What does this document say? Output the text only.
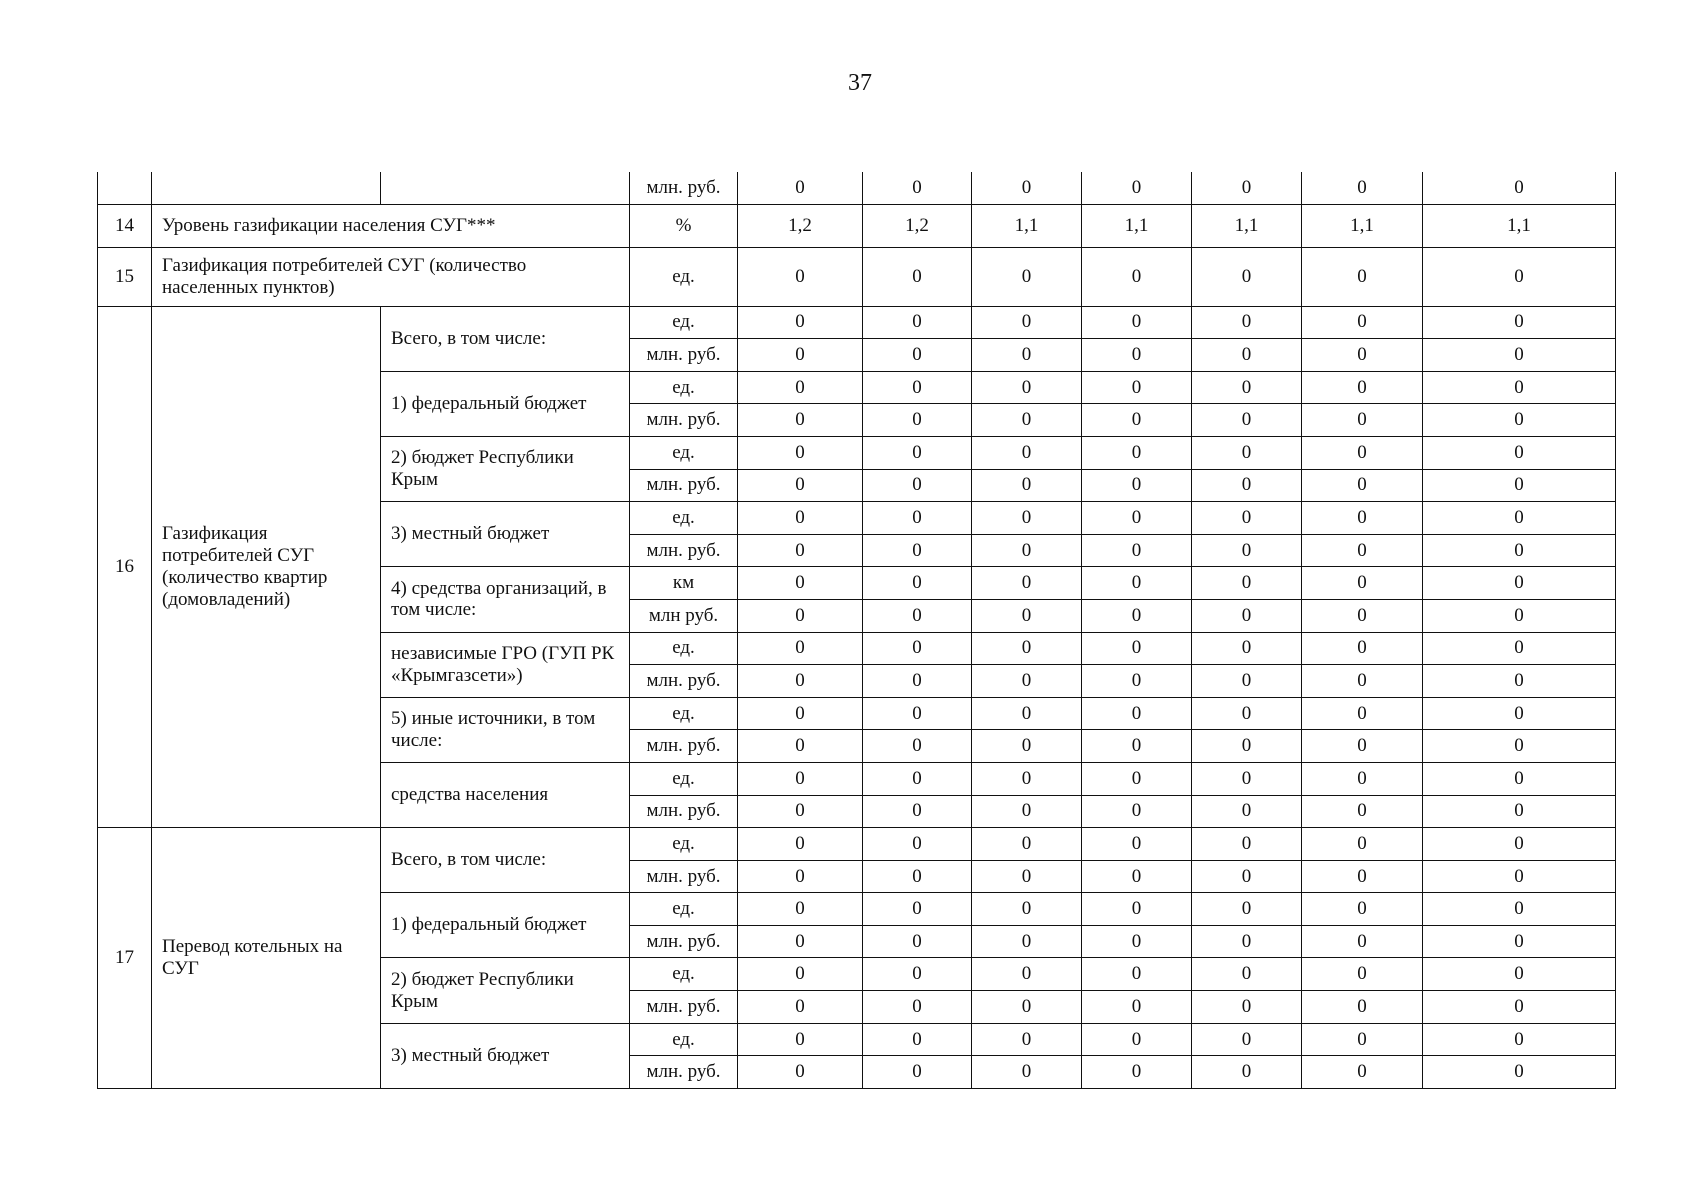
37
			млн. руб.	0	0	0	0	0	0	0
14	Уровень газификации населения СУГ***		%	1,2	1,2	1,1	1,1	1,1	1,1	1,1
15	Газификация потребителей СУГ (количество населенных пунктов)		ед.	0	0	0	0	0	0	0
16	Газификация потребителей СУГ (количество квартир (домовладений)	Всего, в том числе:	ед.	0	0	0	0	0	0	0
			млн. руб.	0	0	0	0	0	0	0
		1) федеральный бюджет	ед.	0	0	0	0	0	0	0
			млн. руб.	0	0	0	0	0	0	0
		2) бюджет Республики Крым	ед.	0	0	0	0	0	0	0
			млн. руб.	0	0	0	0	0	0	0
		3) местный бюджет	ед.	0	0	0	0	0	0	0
			млн. руб.	0	0	0	0	0	0	0
		4) средства организаций, в том числе:	км	0	0	0	0	0	0	0
			млн руб.	0	0	0	0	0	0	0
		независимые ГРО (ГУП РК «Крымгазсети»)	ед.	0	0	0	0	0	0	0
			млн. руб.	0	0	0	0	0	0	0
		5) иные источники, в том числе:	ед.	0	0	0	0	0	0	0
			млн. руб.	0	0	0	0	0	0	0
		средства населения	ед.	0	0	0	0	0	0	0
			млн. руб.	0	0	0	0	0	0	0
17	Перевод котельных на СУГ	Всего, в том числе:	ед.	0	0	0	0	0	0	0
			млн. руб.	0	0	0	0	0	0	0
		1) федеральный бюджет	ед.	0	0	0	0	0	0	0
			млн. руб.	0	0	0	0	0	0	0
		2) бюджет Республики Крым	ед.	0	0	0	0	0	0	0
			млн. руб.	0	0	0	0	0	0	0
		3) местный бюджет	ед.	0	0	0	0	0	0	0
			млн. руб.	0	0	0	0	0	0	0
